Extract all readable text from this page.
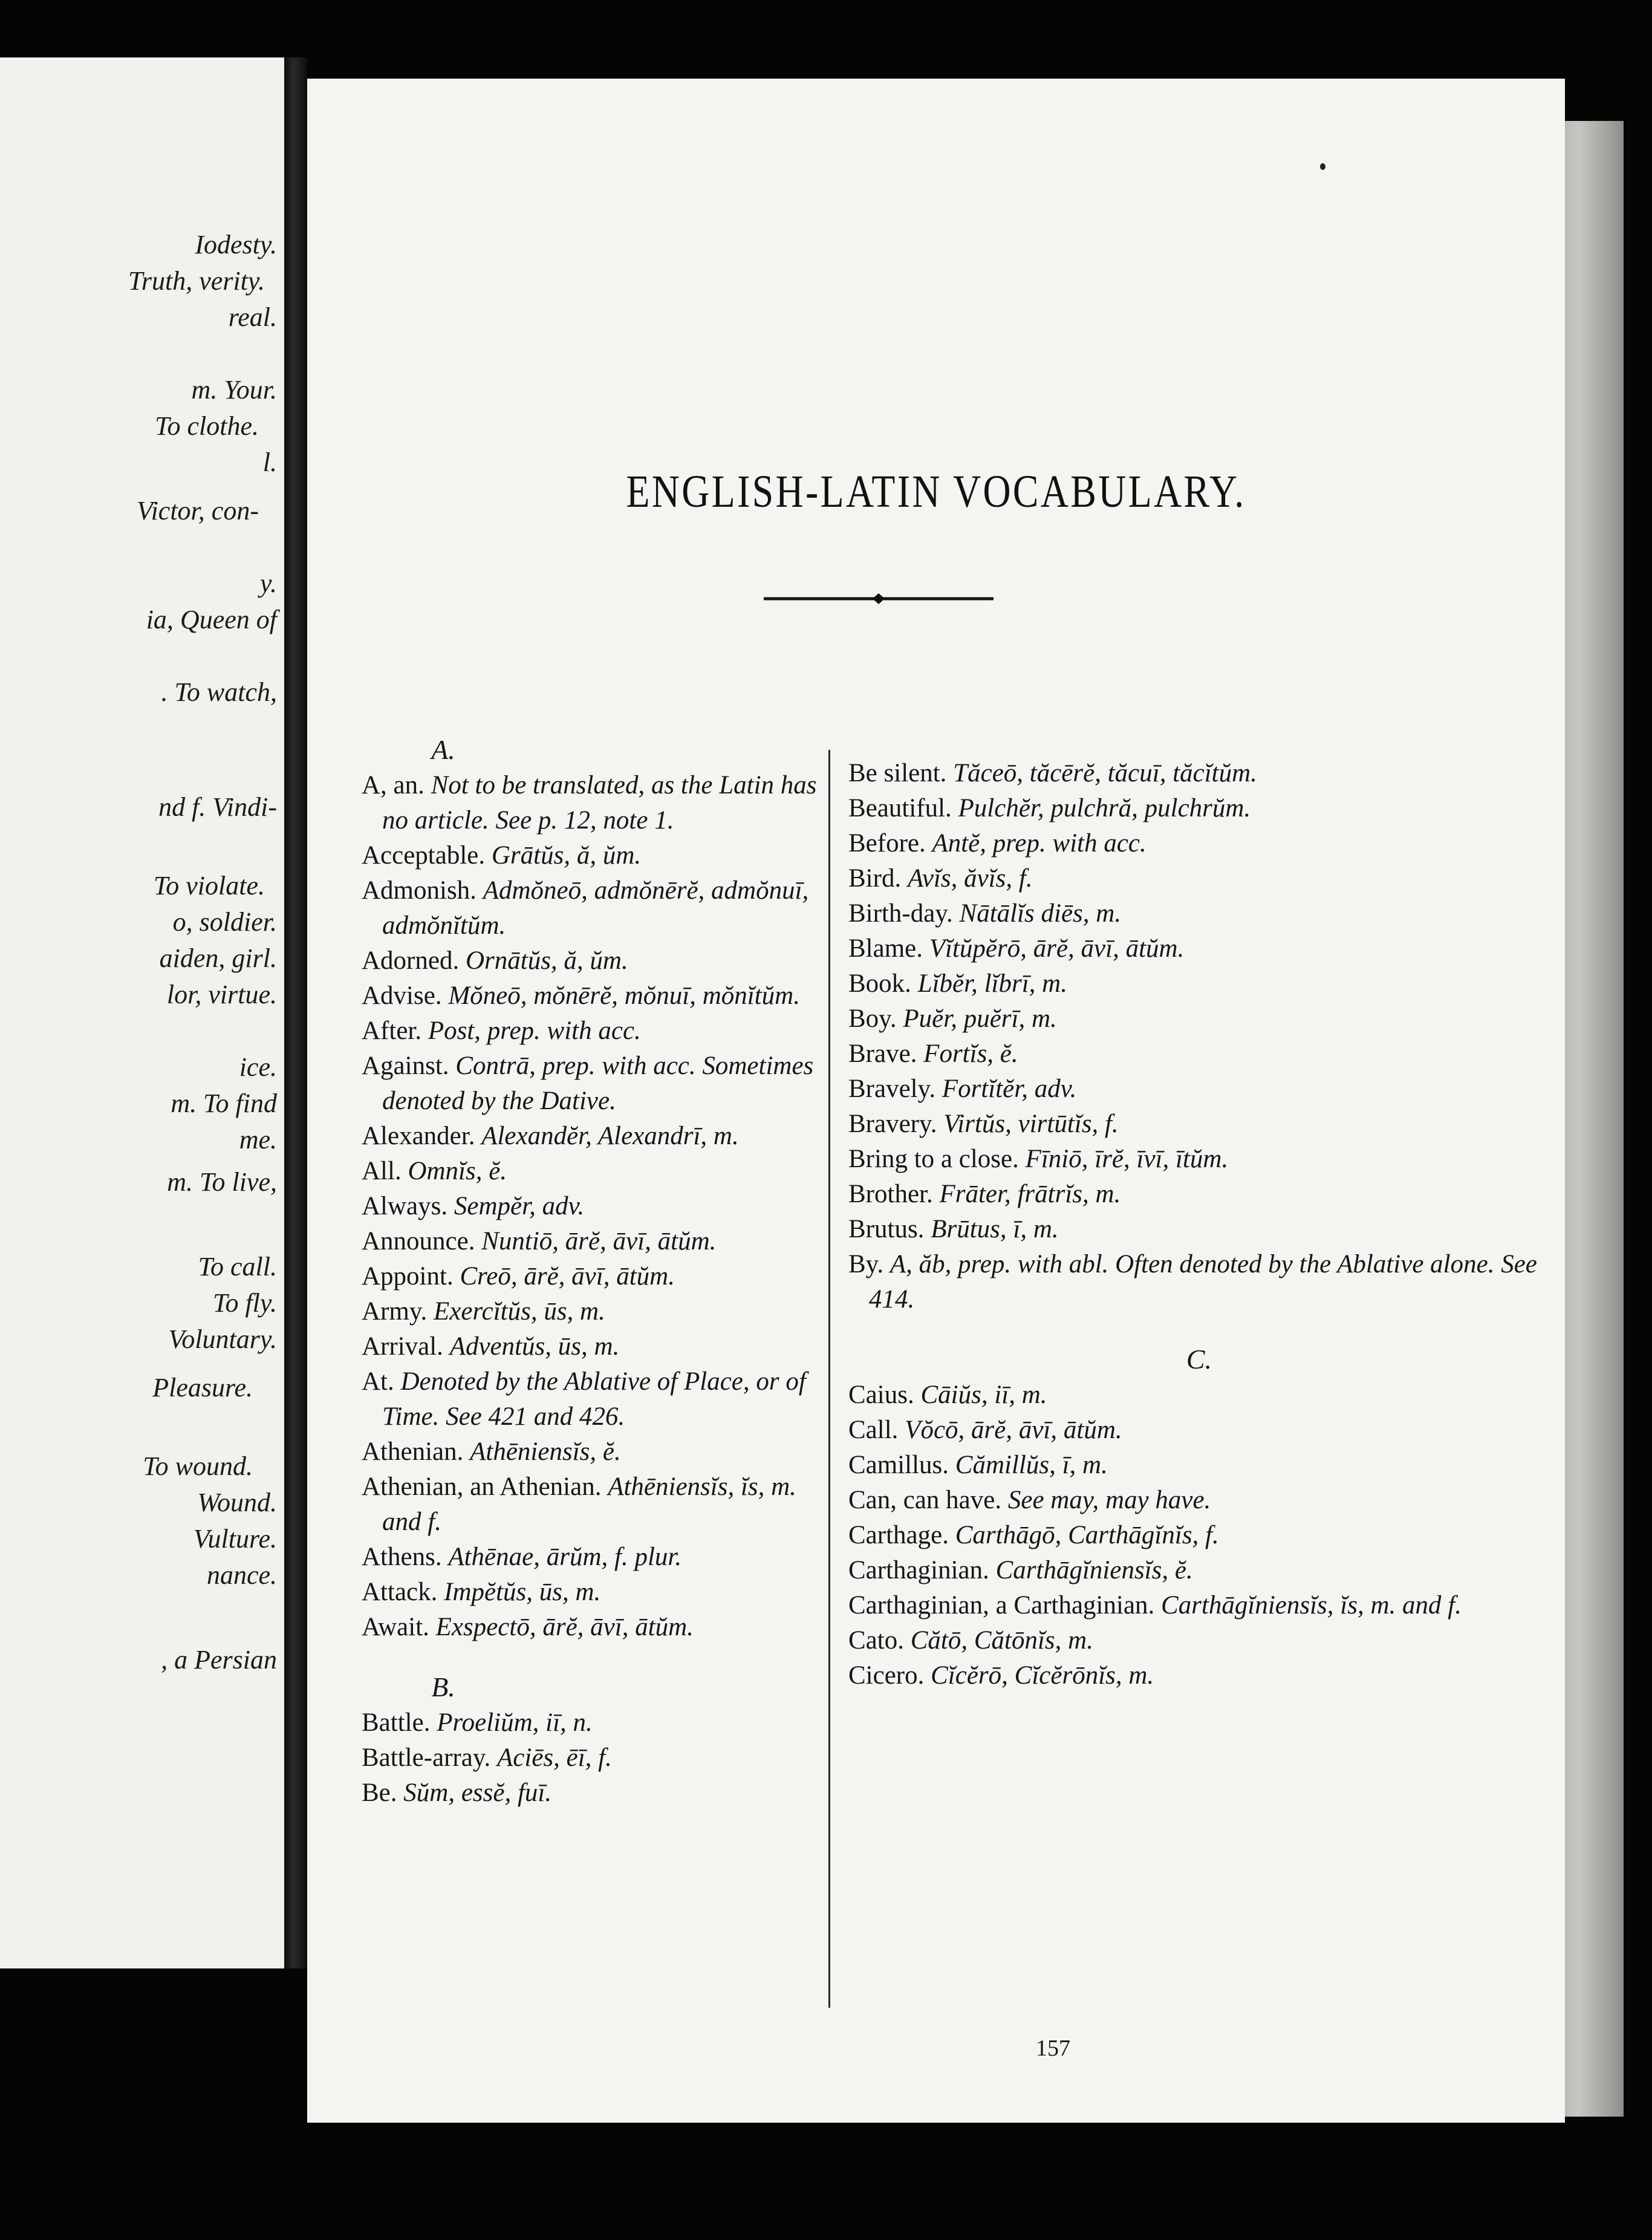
Iodesty.
Truth, verity.
real.
m. Your.
To clothe.
l.
Victor, con-
y.
ia, Queen of
. To watch,
nd f. Vindi-
To violate.
o, soldier.
aiden, girl.
lor, virtue.
ice.
m. To find
me.
m. To live,
To call.
To fly.
Voluntary.
Pleasure.
To wound.
Wound.
Vulture.
nance.
, a Persian
ENGLISH-LATIN VOCABULARY.
A.

A, an. Not to be translated, as the Latin has no article. See p. 12, note 1.

Acceptable. Grātŭs, ă, ŭm.

Admonish. Admŏneō, admŏnērĕ, admŏnuī, admŏnĭtŭm.

Adorned. Ornātŭs, ă, ŭm.

Advise. Mŏneō, mŏnērĕ, mŏnuī, mŏnĭtŭm.

After. Post, prep. with acc.

Against. Contrā, prep. with acc. Sometimes denoted by the Dative.

Alexander. Alexandĕr, Alexandrī, m.

All. Omnĭs, ĕ.

Always. Sempĕr, adv.

Announce. Nuntiō, ārĕ, āvī, ātŭm.

Appoint. Creō, ārĕ, āvī, ātŭm.

Army. Exercĭtŭs, ūs, m.

Arrival. Adventŭs, ūs, m.

At. Denoted by the Ablative of Place, or of Time. See 421 and 426.

Athenian. Athēniensĭs, ĕ.

Athenian, an Athenian. Athēniensĭs, ĭs, m. and f.

Athens. Athēnae, ārŭm, f. plur.

Attack. Impĕtŭs, ūs, m.

Await. Exspectō, ārĕ, āvī, ātŭm.

B.

Battle. Proeliŭm, iī, n.

Battle-array. Aciēs, ēī, f.

Be. Sŭm, essĕ, fuī.

Be silent. Tăceō, tăcērĕ, tăcuī, tăcĭtŭm.

Beautiful. Pulchĕr, pulchră, pulchrŭm.

Before. Antĕ, prep. with acc.

Bird. Avĭs, ăvĭs, f.

Birth-day. Nātālĭs diēs, m.

Blame. Vĭtŭpĕrō, ārĕ, āvī, ātŭm.

Book. Lĭbĕr, lĭbrī, m.

Boy. Puĕr, puĕrī, m.

Brave. Fortĭs, ĕ.

Bravely. Fortĭtĕr, adv.

Bravery. Virtŭs, virtūtĭs, f.

Bring to a close. Fīniō, īrĕ, īvī, ītŭm.

Brother. Frāter, frātrĭs, m.

Brutus. Brūtus, ī, m.

By. A, ăb, prep. with abl. Often denoted by the Ablative alone. See 414.

C.

Caius. Cāiŭs, iī, m.

Call. Vŏcō, ārĕ, āvī, ātŭm.

Camillus. Cămillŭs, ī, m.

Can, can have. See may, may have.

Carthage. Carthāgō, Carthāgĭnĭs, f.

Carthaginian. Carthāgĭniensĭs, ĕ.

Carthaginian, a Carthaginian. Carthāgĭniensĭs, ĭs, m. and f.

Cato. Cătō, Cătōnĭs, m.

Cicero. Cĭcĕrō, Cĭcĕrōnĭs, m.

157
